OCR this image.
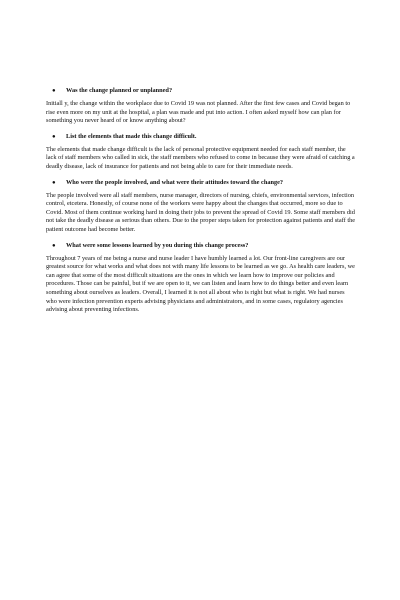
●	Was the change planned or unplanned?

Initiall y, the change within the workplace due to Covid 19 was not planned. After the first few cases and Covid began to rise even more on my unit at the hospital, a plan was made and put into action. I often asked myself how can plan for something you never heard of or know anything about?

●	List the elements that made this change difficult.

The elements that made change difficult is the lack of personal protective equipment needed for each staff member, the lack of staff members who called in sick, the staff members who refused to come in because they were afraid of catching a deadly disease, lack of insurance for patients and not being able to care for their immediate needs.

●	Who were the people involved, and what were their attitudes toward the change?

The people involved were all staff members, nurse manager, directors of nursing, chiefs, environmental services, infection control, etcetera. Honestly, of course none of the workers were happy about the changes that occurred, more so due to Covid. Most of them continue working hard in doing their jobs to prevent the spread of Covid 19. Some staff members did not take the deadly disease as serious than others. Due to the proper steps taken for protection against patients and staff the patient outcome had become better.

●	What were some lessons learned by you during this change process?

Throughout 7 years of me being a nurse and nurse leader I have humbly learned a lot. Our front-line caregivers are our greatest source for what works and what does not with many life lessons to be learned as we go. As health care leaders, we can agree that some of the most difficult situations are the ones in which we learn how to improve our policies and procedures. Those can be painful, but if we are open to it, we can listen and learn how to do things better and even learn something about ourselves as leaders. Overall, I learned it is not all about who is right but what is right. We had nurses who were infection prevention experts advising physicians and administrators, and in some cases, regulatory agencies advising about preventing infections.
